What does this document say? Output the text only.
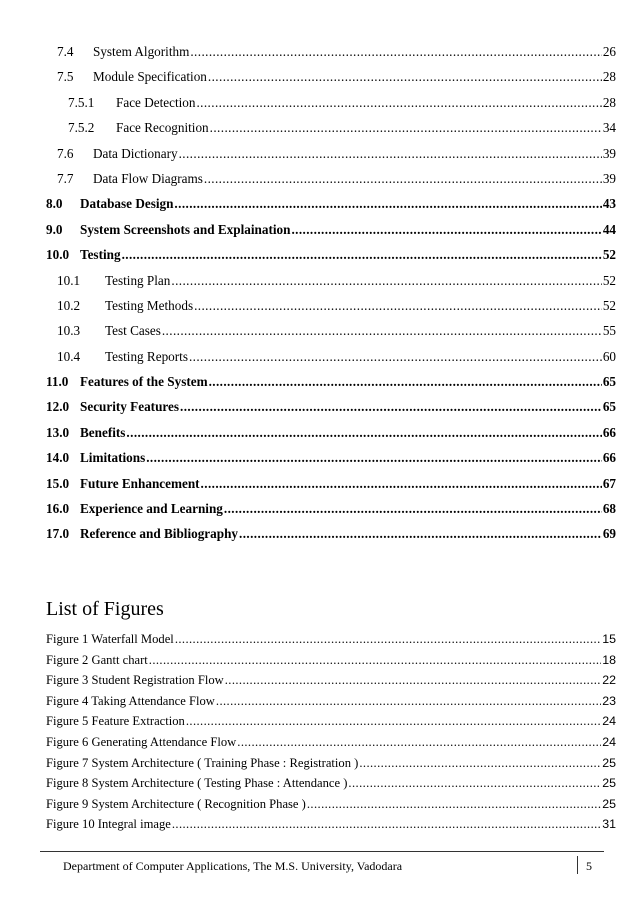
7.4	System Algorithm .....	26
7.5	Module Specification .....	28
7.5.1	Face Detection .....	28
7.5.2	Face Recognition .....	34
7.6	Data Dictionary .....	39
7.7	Data Flow Diagrams .....	39
8.0	Database Design .....	43
9.0	System Screenshots and Explaination .....	44
10.0 Testing .....	52
10.1	Testing Plan .....	52
10.2	Testing Methods .....	52
10.3	Test Cases .....	55
10.4	Testing Reports .....	60
11.0 Features of the System .....	65
12.0 Security Features .....	65
13.0 Benefits .....	66
14.0 Limitations .....	66
15.0 Future Enhancement .....	67
16.0 Experience and Learning .....	68
17.0 Reference and Bibliography .....	69
List of Figures
Figure 1 Waterfall Model .....	15
Figure 2 Gantt chart .....	18
Figure 3 Student Registration Flow .....	22
Figure 4 Taking Attendance Flow .....	23
Figure 5 Feature Extraction .....	24
Figure 6 Generating Attendance Flow .....	24
Figure 7 System Architecture ( Training Phase : Registration ) .....	25
Figure 8 System Architecture ( Testing Phase : Attendance ) .....	25
Figure 9 System Architecture ( Recognition Phase ) .....	25
Figure 10 Integral image .....	31
Department of Computer Applications, The M.S. University, Vadodara	5
